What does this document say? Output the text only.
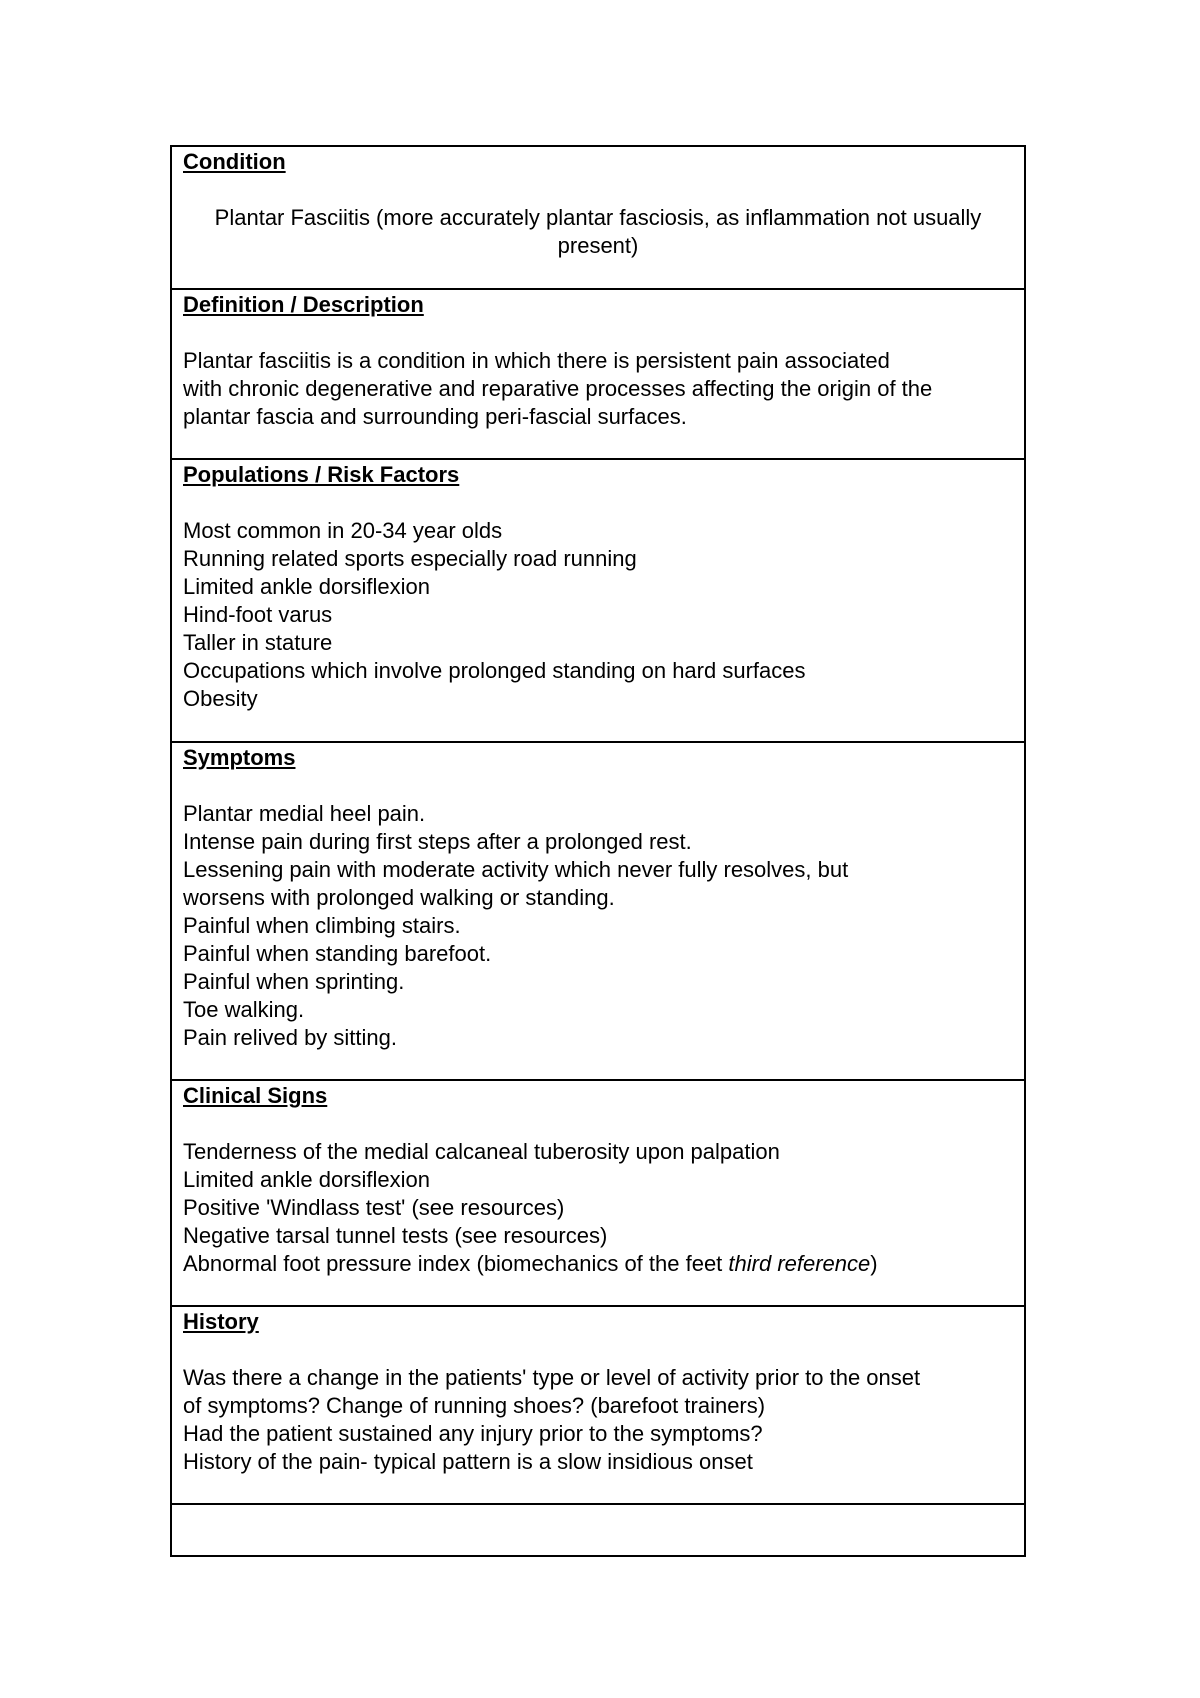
Condition
Plantar Fasciitis (more accurately plantar fasciosis, as inflammation not usually present)
Definition / Description
Plantar fasciitis is a condition in which there is persistent pain associated
with chronic degenerative and reparative processes affecting the origin of the
plantar fascia and surrounding peri-fascial surfaces.
Populations / Risk Factors
Most common in 20-34 year olds
Running related sports especially road running
Limited ankle dorsiflexion
Hind-foot varus
Taller in stature
Occupations which involve prolonged standing on hard surfaces
Obesity
Symptoms
Plantar medial heel pain.
Intense pain during first steps after a prolonged rest.
Lessening pain with moderate activity which never fully resolves, but
worsens with prolonged walking or standing.
Painful when climbing stairs.
Painful when standing barefoot.
Painful when sprinting.
Toe walking.
Pain relived by sitting.
Clinical Signs
Tenderness of the medial calcaneal tuberosity upon palpation
Limited ankle dorsiflexion
Positive 'Windlass test' (see resources)
Negative tarsal tunnel tests (see resources)
Abnormal foot pressure index (biomechanics of the feet third reference)
History
Was there a change in the patients' type or level of activity prior to the onset
of symptoms? Change of running shoes? (barefoot trainers)
Had the patient sustained any injury prior to the symptoms?
History of the pain- typical pattern is a slow insidious onset
